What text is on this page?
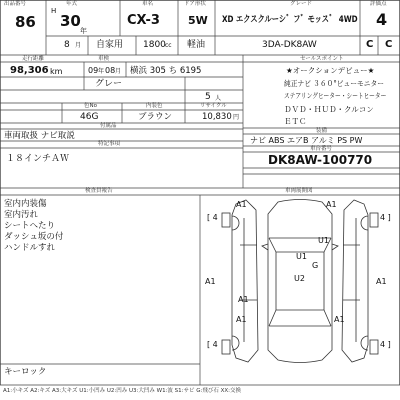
出品番号
86
年式
H
30
年
車名
CX-3
ドア形状
5W
グレード
XD エクスクルーシ゛フ゛モッス゛ 4WD
評価点
4
8 月 自家用 1800 cc 軽油	3DA-DK8AW	C C
走行距離	車検
98,306 km	09 年 08 月 横浜 305 ち 6195
グレー
5 人
色No	内装色	リサイクル
46G	ブラウン	10,830 円
付属品
車両取扱 ナビ取説
特記事項
１８インチＡＷ
セールスポイント
★オークションデビュー★
純正ナビ ３６０°ビューモニター
ステアリングヒーター・シートヒーター
ＤＶＤ・ＨＵＤ・クルコン
ＥＴＣ
装備
ナビ ABS エアB アルミ PS PW
車台番号
DK8AW-100770
検査員報告	車両展開図
室内内装傷
室内汚れ
シートへたり
ダッシュ坂の付
ハンドルすれ
キーロック
A1	A1
[ 4	4 ]
U1
U1
G
U2
A1	A1
A1
A1	A1
[ 4	4 ]
A1:小キズ A2:キズ A3:大キズ U1:小凹み U2:凹み U3:大凹み W1:波 S1:サビ G:飛び石 XX:交換
